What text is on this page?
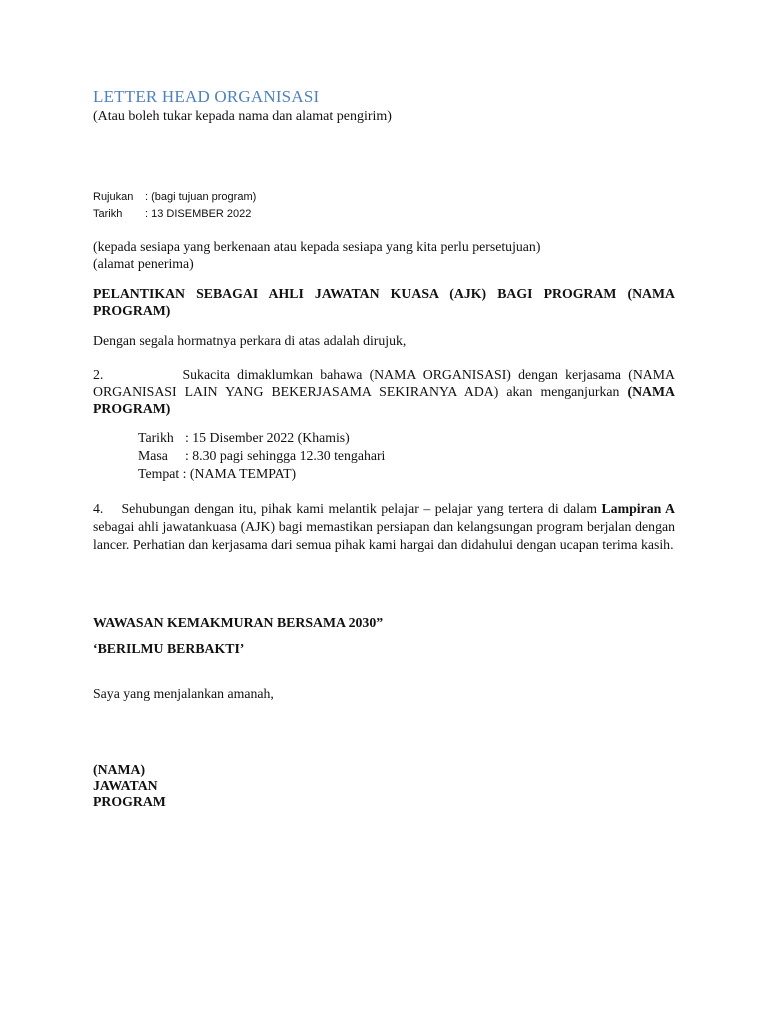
LETTER HEAD ORGANISASI
(Atau boleh tukar kepada nama dan alamat pengirim)
Rujukan : (bagi tujuan program)
Tarikh : 13 DISEMBER 2022
(kepada sesiapa yang berkenaan atau kepada sesiapa yang kita perlu persetujuan)
(alamat penerima)
PELANTIKAN SEBAGAI AHLI JAWATAN KUASA (AJK) BAGI PROGRAM (NAMA PROGRAM)
Dengan segala hormatnya perkara di atas adalah dirujuk,
2.	Sukacita dimaklumkan bahawa (NAMA ORGANISASI) dengan kerjasama (NAMA ORGANISASI LAIN YANG BEKERJASAMA SEKIRANYA ADA) akan menganjurkan (NAMA PROGRAM)
Tarikh : 15 Disember 2022 (Khamis)
Masa : 8.30 pagi sehingga 12.30 tengahari
Tempat : (NAMA TEMPAT)
4. Sehubungan dengan itu, pihak kami melantik pelajar – pelajar yang tertera di dalam Lampiran A sebagai ahli jawatankuasa (AJK) bagi memastikan persiapan dan kelangsungan program berjalan dengan lancer. Perhatian dan kerjasama dari semua pihak kami hargai dan didahului dengan ucapan terima kasih.
WAWASAN KEMAKMURAN BERSAMA 2030”
‘BERILMU BERBAKTI’
Saya yang menjalankan amanah,
(NAMA)
JAWATAN
PROGRAM
